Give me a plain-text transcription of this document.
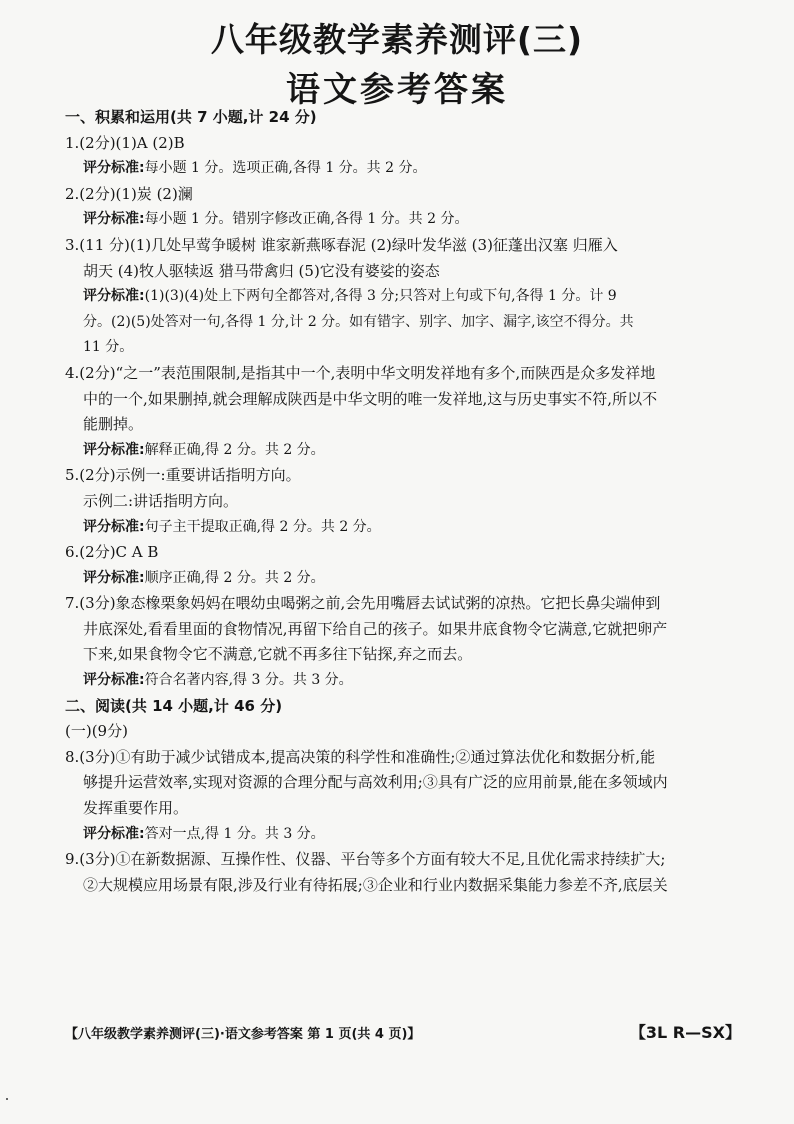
八年级教学素养测评(三)
语文参考答案

一、积累和运用(共 7 小题,计 24 分)

1.(2分)(1)A (2)B

评分标准:每小题 1 分。选项正确,各得 1 分。共 2 分。

2.(2分)(1)炭 (2)澜

评分标准:每小题 1 分。错别字修改正确,各得 1 分。共 2 分。

3.(11 分)(1)几处早莺争暖树 谁家新燕啄春泥 (2)绿叶发华滋 (3)征蓬出汉塞 归雁入

胡天 (4)牧人驱犊返 猎马带禽归 (5)它没有婆娑的姿态

评分标准:(1)(3)(4)处上下两句全都答对,各得 3 分;只答对上句或下句,各得 1 分。计 9

分。(2)(5)处答对一句,各得 1 分,计 2 分。如有错字、别字、加字、漏字,该空不得分。共

11 分。

4.(2分)“之一”表范围限制,是指其中一个,表明中华文明发祥地有多个,而陕西是众多发祥地

中的一个,如果删掉,就会理解成陕西是中华文明的唯一发祥地,这与历史事实不符,所以不

能删掉。

评分标准:解释正确,得 2 分。共 2 分。

5.(2分)示例一:重要讲话指明方向。

示例二:讲话指明方向。

评分标准:句子主干提取正确,得 2 分。共 2 分。

6.(2分)C A B

评分标准:顺序正确,得 2 分。共 2 分。

7.(3分)象态橡栗象妈妈在喂幼虫喝粥之前,会先用嘴唇去试试粥的凉热。它把长鼻尖端伸到

井底深处,看看里面的食物情况,再留下给自己的孩子。如果井底食物令它满意,它就把卵产

下来,如果食物令它不满意,它就不再多往下钻探,弃之而去。

评分标准:符合名著内容,得 3 分。共 3 分。

二、阅读(共 14 小题,计 46 分)

(一)(9分)

8.(3分)①有助于减少试错成本,提高决策的科学性和准确性;②通过算法优化和数据分析,能

够提升运营效率,实现对资源的合理分配与高效利用;③具有广泛的应用前景,能在多领域内

发挥重要作用。

评分标准:答对一点,得 1 分。共 3 分。

9.(3分)①在新数据源、互操作性、仪器、平台等多个方面有较大不足,且优化需求持续扩大;

②大规模应用场景有限,涉及行业有待拓展;③企业和行业内数据采集能力参差不齐,底层关

【八年级教学素养测评(三)·语文参考答案 第 1 页(共 4 页)】	【3L R—SX】
